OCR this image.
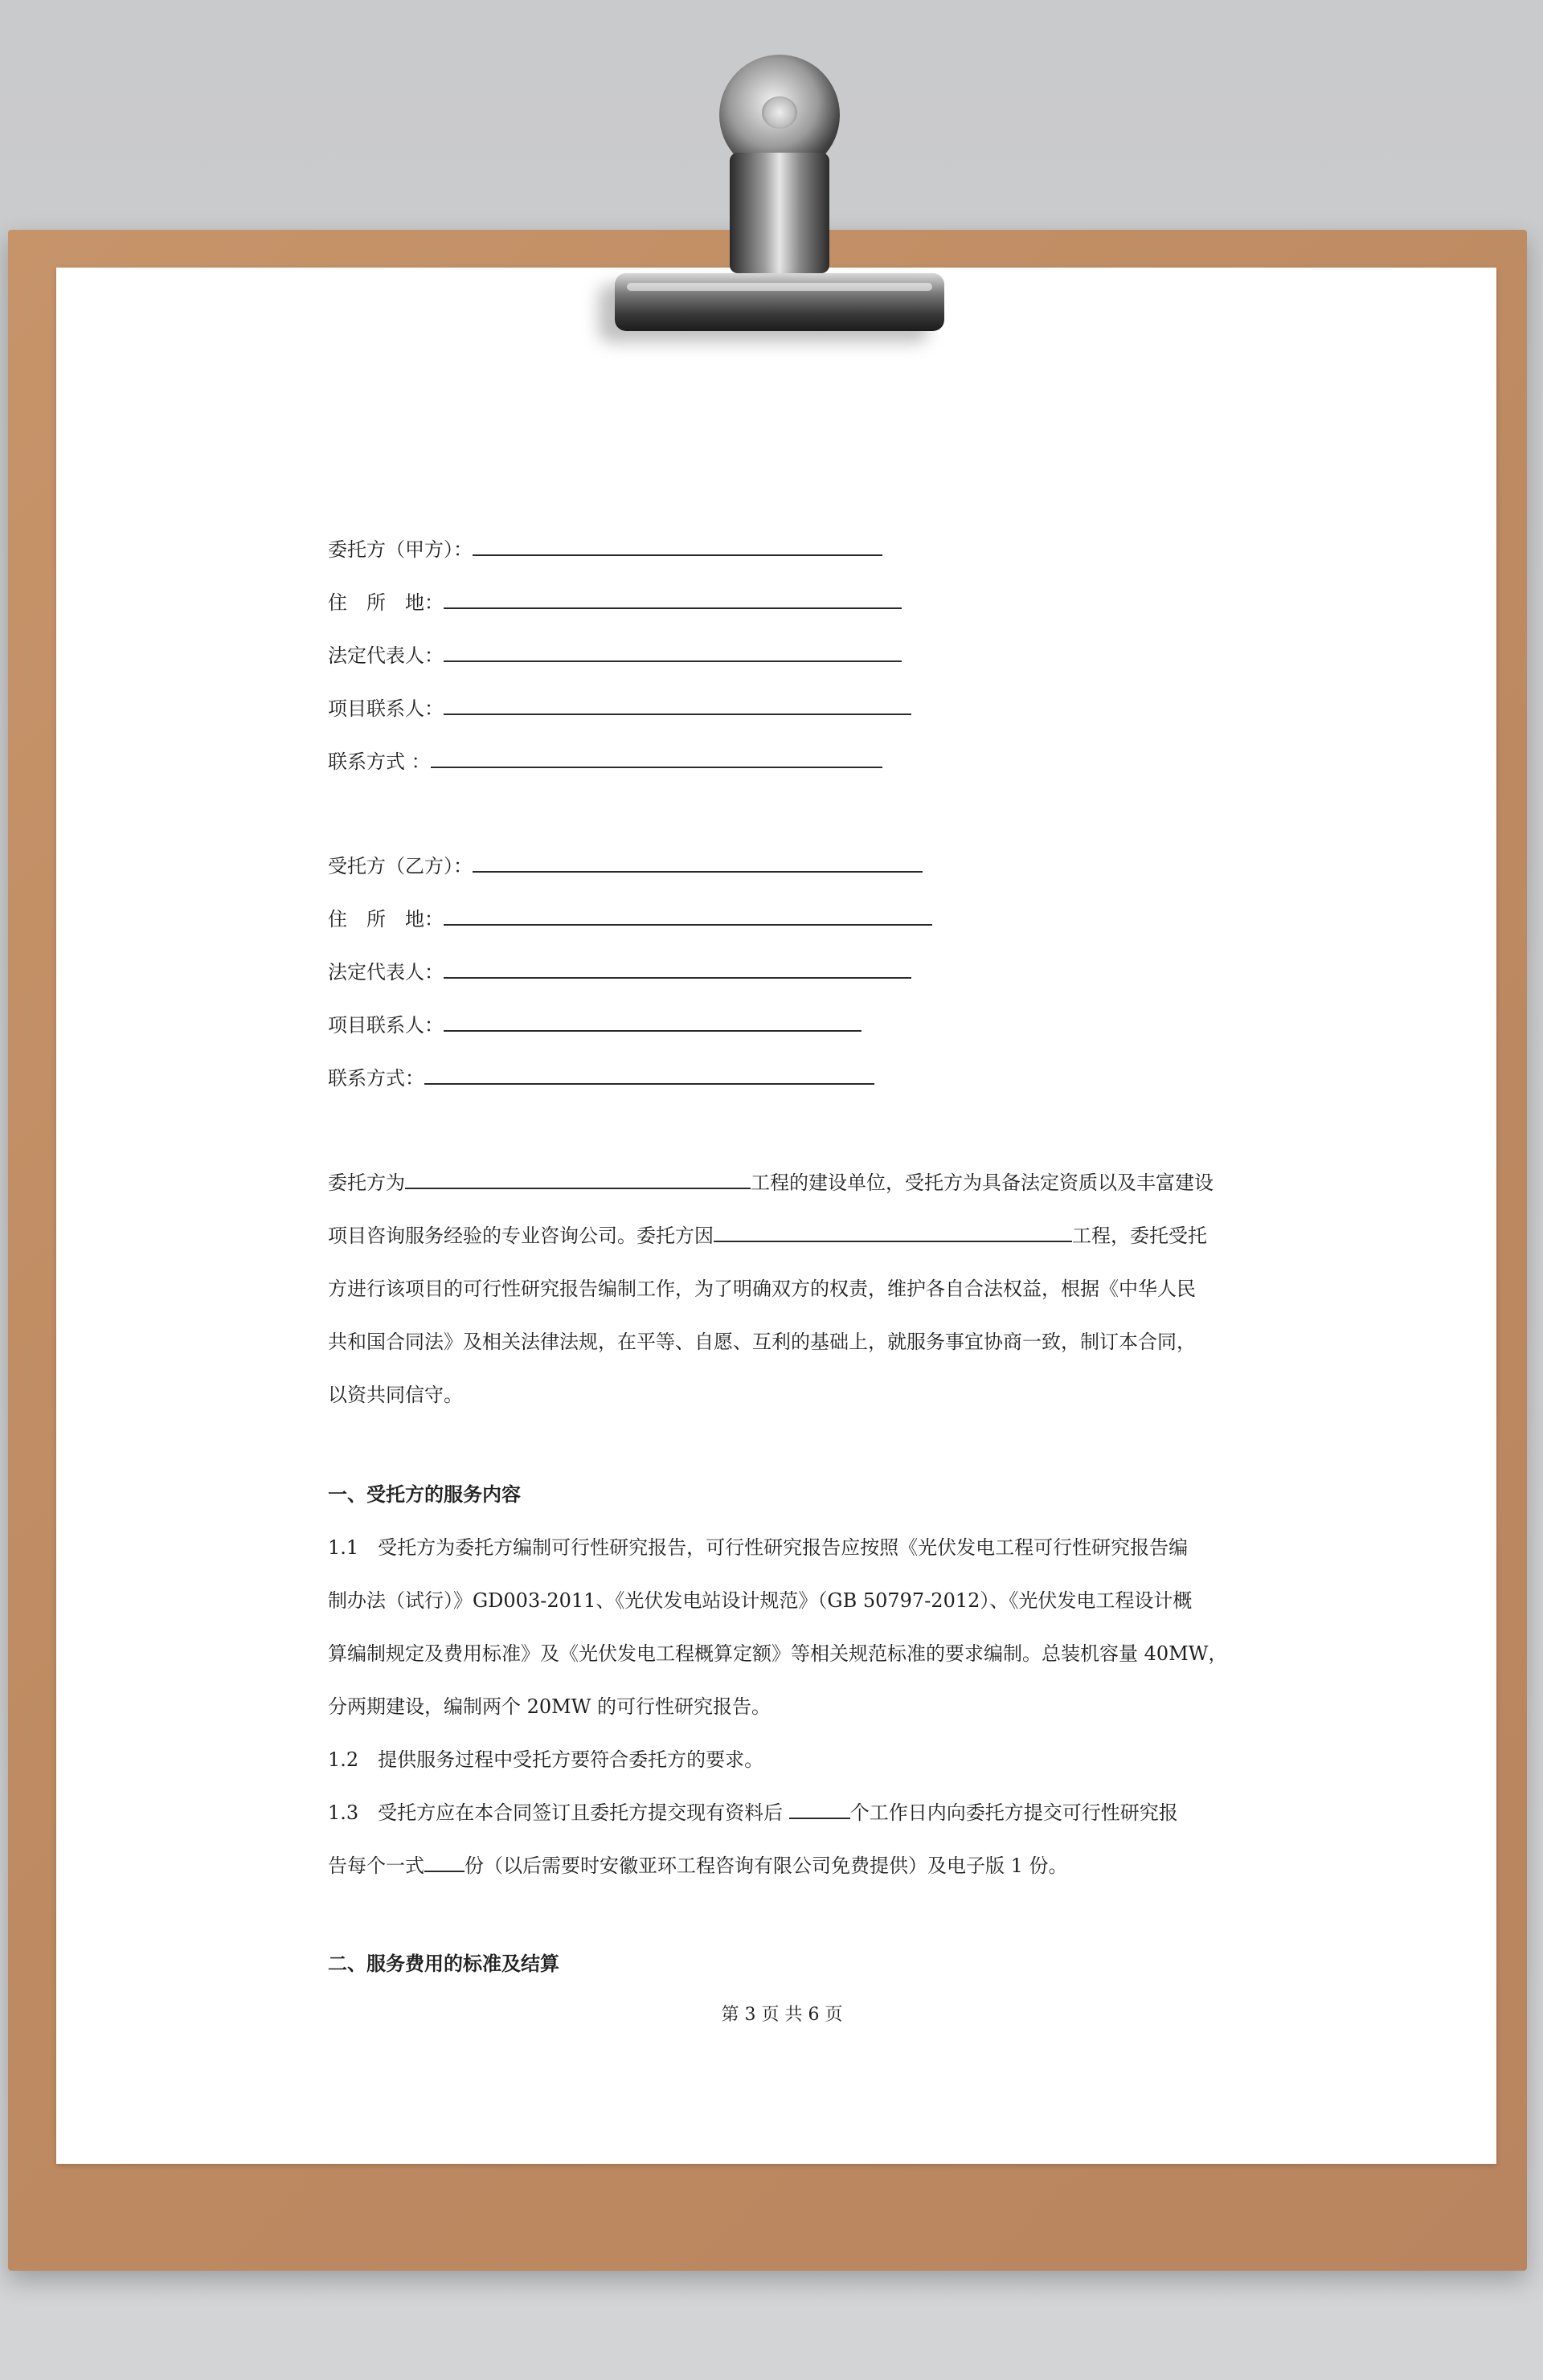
委托方（甲方）：
住　所　地：
法定代表人：
项目联系人：
联系方式 ：
受托方（乙方）：
住　所　地：
法定代表人：
项目联系人：
联系方式：
委托方为	工程的建设单位，受托方为具备法定资质以及丰富建设
项目咨询服务经验的专业咨询公司。委托方因	工程，委托受托
方进行该项目的可行性研究报告编制工作，为了明确双方的权责，维护各自合法权益，根据《中华人民
共和国合同法》及相关法律法规，在平等、自愿、互利的基础上，就服务事宜协商一致，制订本合同，
以资共同信守。
一、受托方的服务内容
1.1　受托方为委托方编制可行性研究报告，可行性研究报告应按照《光伏发电工程可行性研究报告编
制办法（试行）》GD003-2011、《光伏发电站设计规范》（GB 50797-2012）、《光伏发电工程设计概
算编制规定及费用标准》及《光伏发电工程概算定额》等相关规范标准的要求编制。总装机容量 40MW，
分两期建设，编制两个 20MW 的可行性研究报告。
1.2　提供服务过程中受托方要符合委托方的要求。
1.3　受托方应在本合同签订且委托方提交现有资料后	个工作日内向委托方提交可行性研究报
告每个一式 份（以后需要时安徽亚环工程咨询有限公司免费提供）及电子版 1 份。
二、服务费用的标准及结算
第 3 页 共 6 页
